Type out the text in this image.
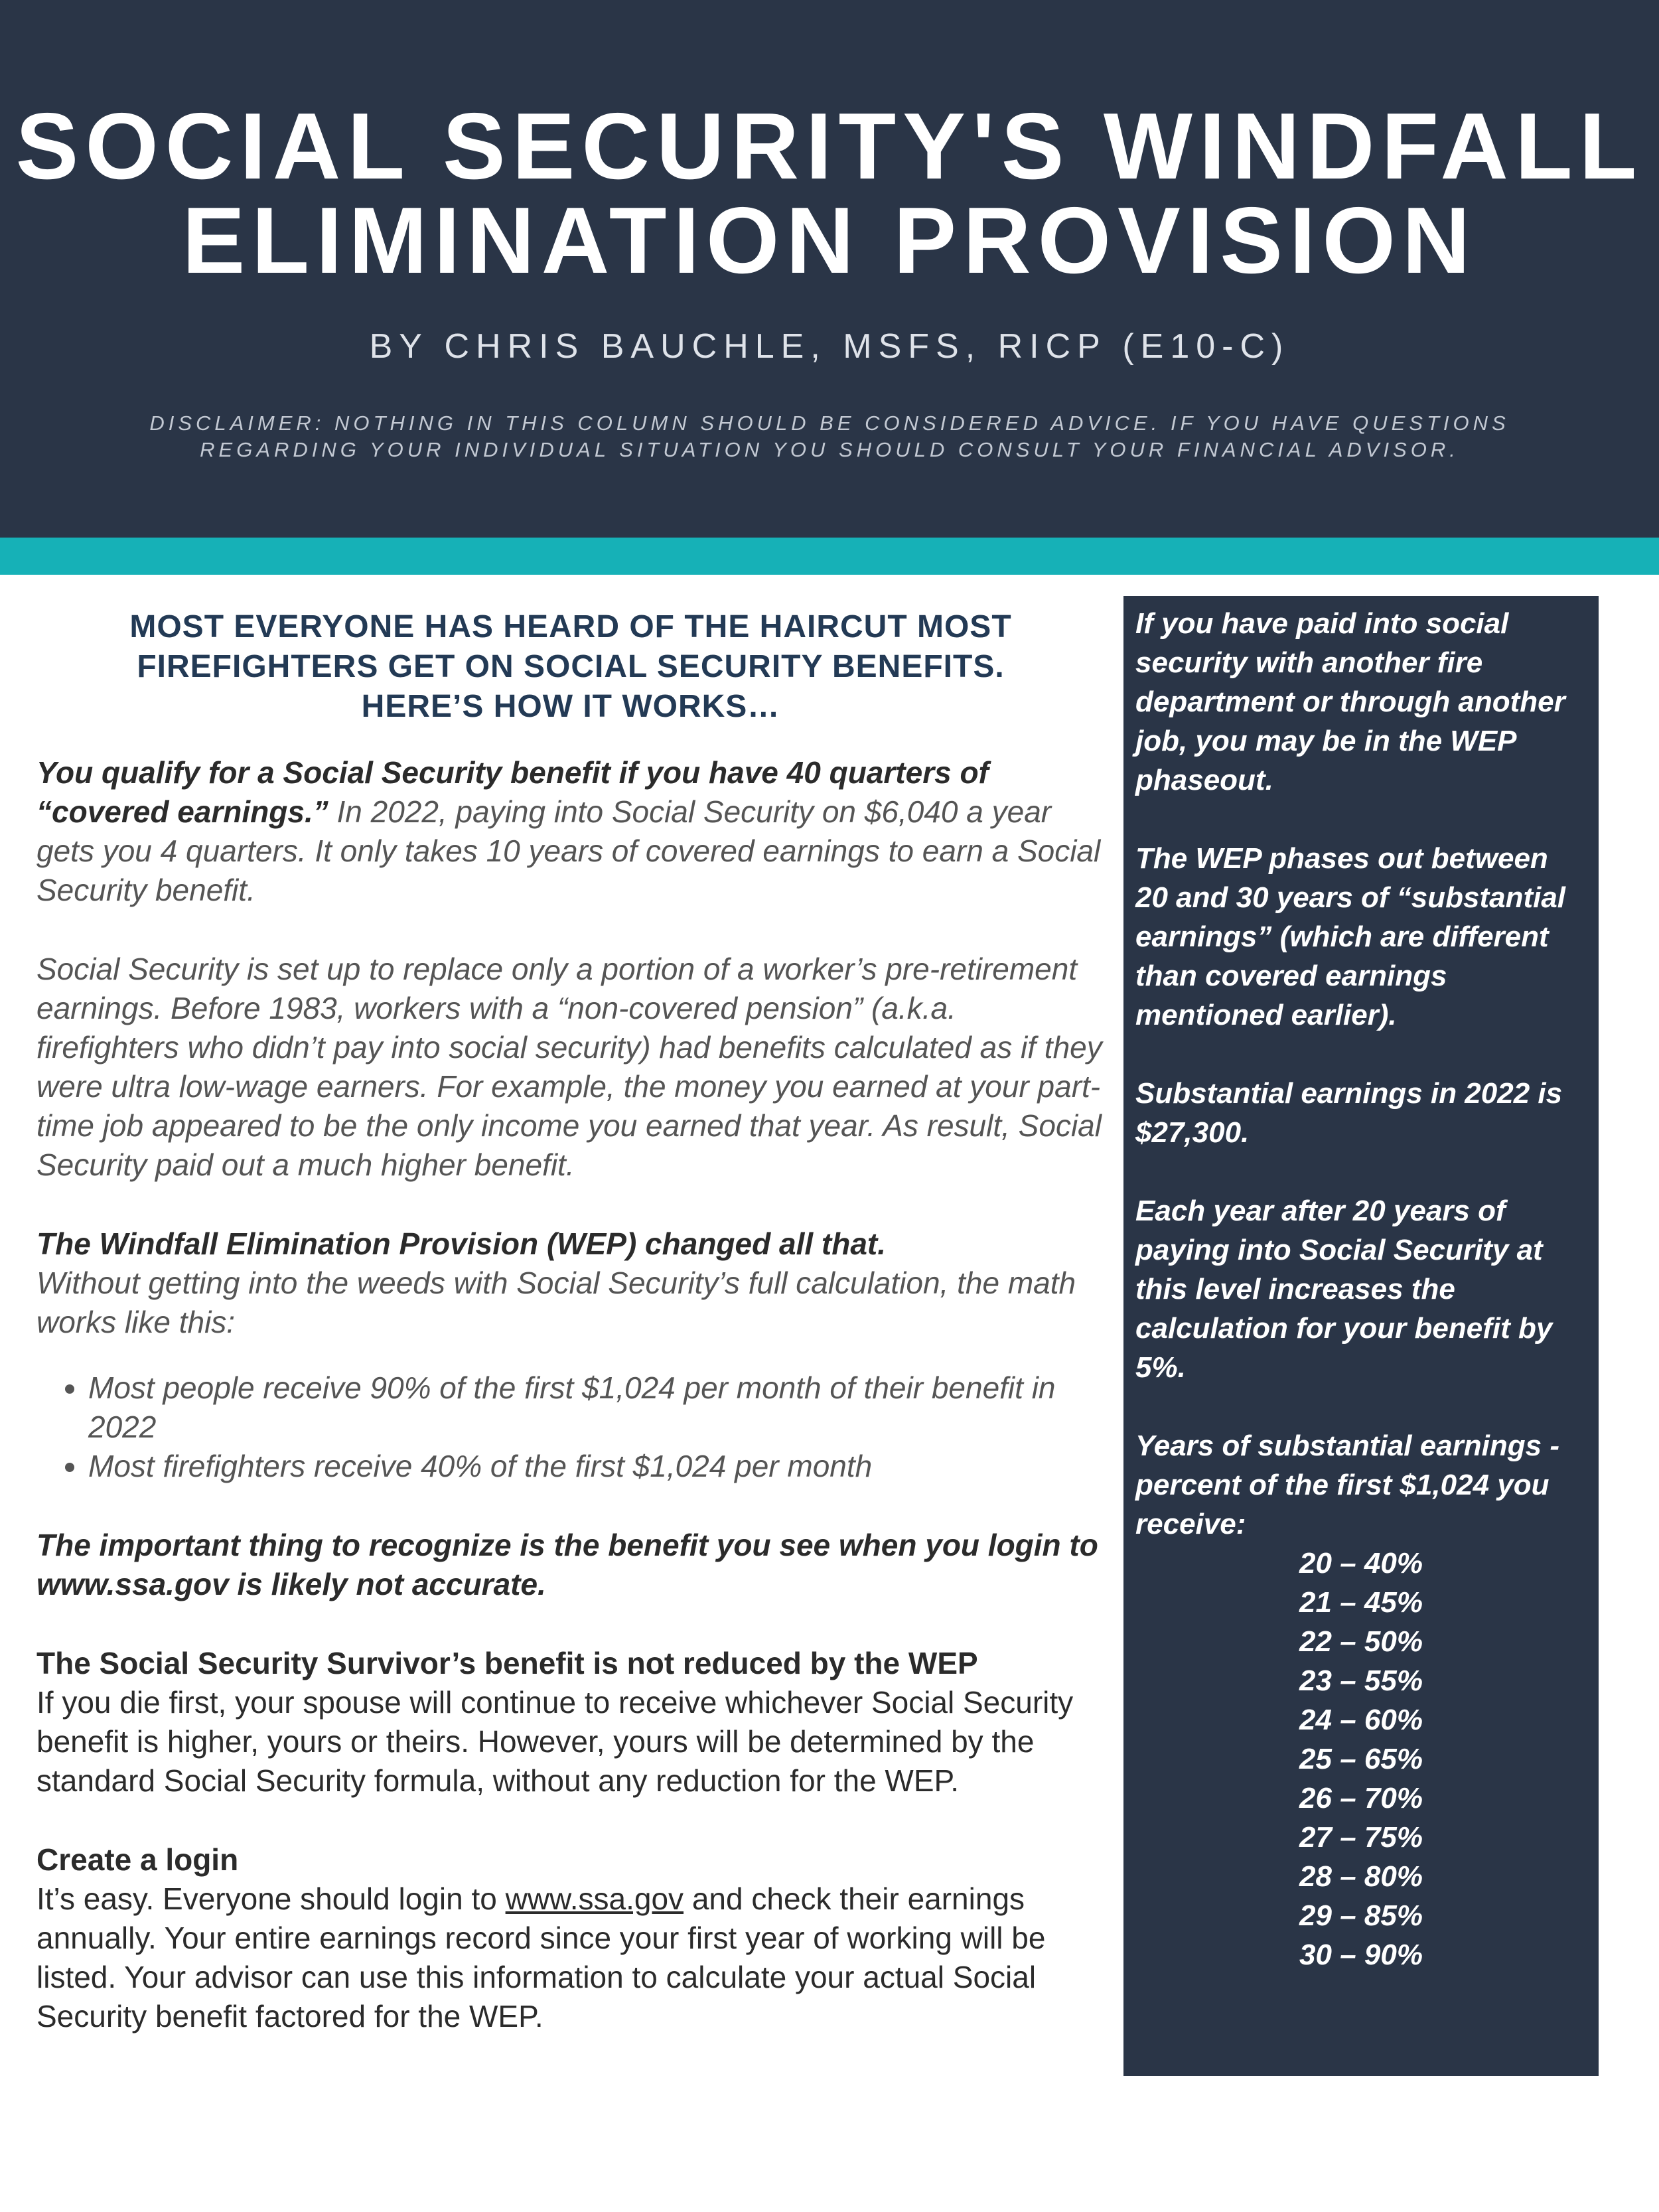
SOCIAL SECURITY'S WINDFALL
ELIMINATION PROVISION
BY CHRIS BAUCHLE, MSFS, RICP (E10-C)
DISCLAIMER: NOTHING IN THIS COLUMN SHOULD BE CONSIDERED ADVICE. IF YOU HAVE QUESTIONS
REGARDING YOUR INDIVIDUAL SITUATION YOU SHOULD CONSULT YOUR FINANCIAL ADVISOR.
MOST EVERYONE HAS HEARD OF THE HAIRCUT MOST
FIREFIGHTERS GET ON SOCIAL SECURITY BENEFITS.
HERE’S HOW IT WORKS…

You qualify for a Social Security benefit if you have 40 quarters of “covered earnings.” In 2022, paying into Social Security on $6,040 a year gets you 4 quarters. It only takes 10 years of covered earnings to earn a Social Security benefit.

Social Security is set up to replace only a portion of a worker’s pre-retirement earnings. Before 1983, workers with a “non-covered pension” (a.k.a. firefighters who didn’t pay into social security) had benefits calculated as if they were ultra low-wage earners. For example, the money you earned at your part-time job appeared to be the only income you earned that year. As result, Social Security paid out a much higher benefit.

The Windfall Elimination Provision (WEP) changed all that.
Without getting into the weeds with Social Security’s full calculation, the math works like this:

• Most people receive 90% of the first $1,024 per month of their benefit in 2022
• Most firefighters receive 40% of the first $1,024 per month

The important thing to recognize is the benefit you see when you login to www.ssa.gov is likely not accurate.

The Social Security Survivor’s benefit is not reduced by the WEP
If you die first, your spouse will continue to receive whichever Social Security benefit is higher, yours or theirs. However, yours will be determined by the standard Social Security formula, without any reduction for the WEP.

Create a login
It’s easy. Everyone should login to www.ssa.gov and check their earnings annually. Your entire earnings record since your first year of working will be listed. Your advisor can use this information to calculate your actual Social Security benefit factored for the WEP.

If you have paid into social security with another fire department or through another job, you may be in the WEP phaseout.

The WEP phases out between 20 and 30 years of “substantial earnings” (which are different than covered earnings mentioned earlier).

Substantial earnings in 2022 is $27,300.

Each year after 20 years of paying into Social Security at this level increases the calculation for your benefit by 5%.

Years of substantial earnings - percent of the first $1,024 you receive:

20 – 40%
21 – 45%
22 – 50%
23 – 55%
24 – 60%
25 – 65%
26 – 70%
27 – 75%
28 – 80%
29 – 85%
30 – 90%
